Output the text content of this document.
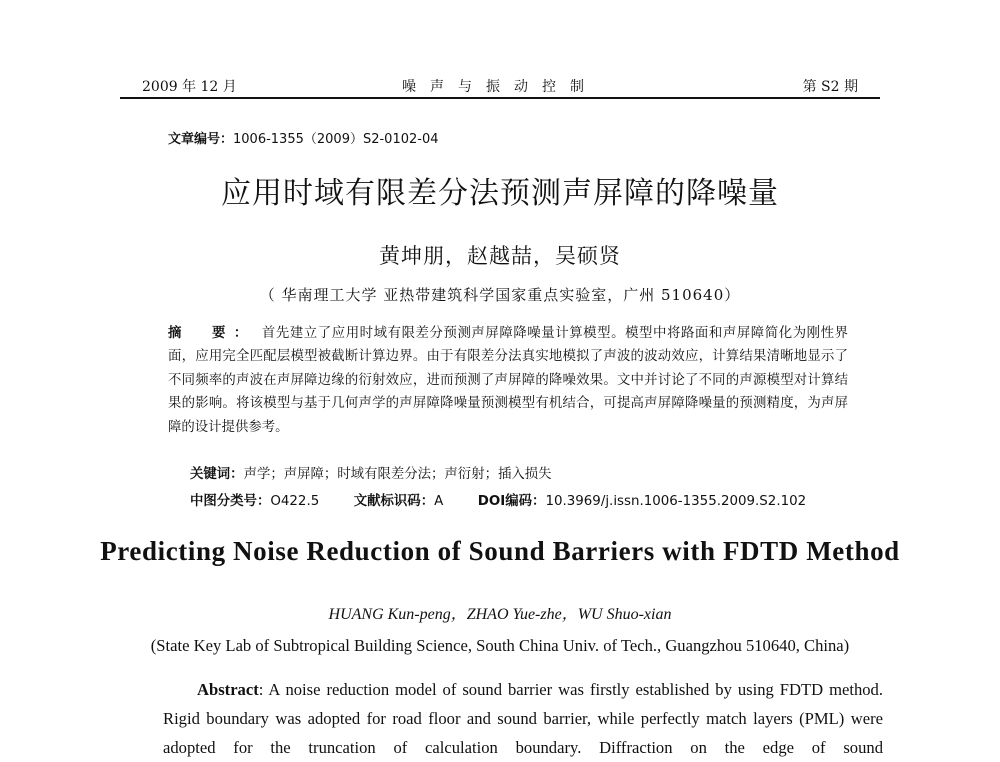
2009 年 12 月	噪声与振动控制	第 S2 期
文章编号：1006-1355（2009）S2-0102-04
应用时域有限差分法预测声屏障的降噪量
黄坤朋，赵越喆，吴硕贤
（ 华南理工大学 亚热带建筑科学国家重点实验室，广州 510640）
摘　要： 首先建立了应用时域有限差分预测声屏障降噪量计算模型。模型中将路面和声屏障简化为刚性界面，应用完全匹配层模型被截断计算边界。由于有限差分法真实地模拟了声波的波动效应，计算结果清晰地显示了不同频率的声波在声屏障边缘的衍射效应，进而预测了声屏障的降噪效果。文中并讨论了不同的声源模型对计算结果的影响。将该模型与基于几何声学的声屏障降噪量预测模型有机结合，可提高声屏障降噪量的预测精度，为声屏障的设计提供参考。
关键词：声学；声屏障；时域有限差分法；声衍射；插入损失
中图分类号：O422.5	文献标识码：A	DOI编码：10.3969/j.issn.1006-1355.2009.S2.102
Predicting Noise Reduction of Sound Barriers with FDTD Method
HUANG Kun-peng，ZHAO Yue-zhe，WU Shuo-xian
(State Key Lab of Subtropical Building Science, South China Univ. of Tech., Guangzhou 510640, China)
Abstract: A noise reduction model of sound barrier was firstly established by using FDTD method. Rigid boundary was adopted for road floor and sound barrier, while perfectly match layers (PML) were adopted for the truncation of calculation boundary. Diffraction on the edge of sound
